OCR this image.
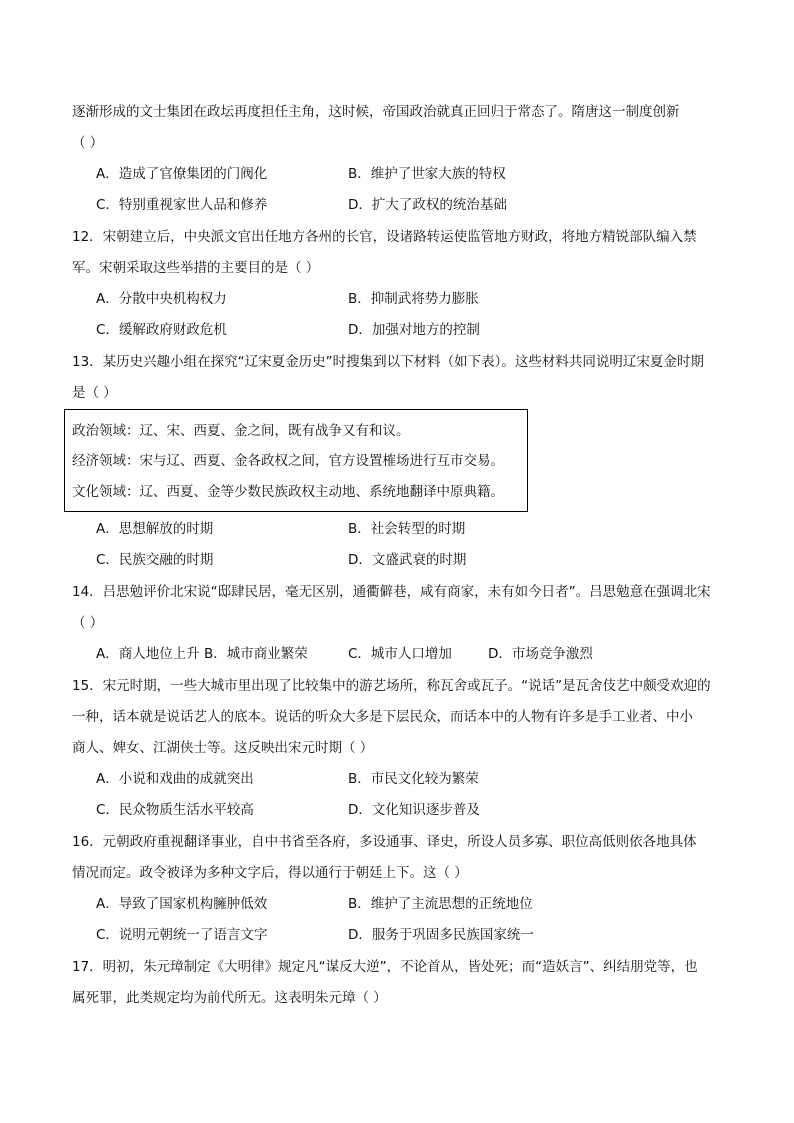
逐渐形成的文士集团在政坛再度担任主角，这时候，帝国政治就真正回归于常态了。隋唐这一制度创新
（ ）
A．造成了官僚集团的门阀化	B．维护了世家大族的特权
C．特别重视家世人品和修养	D．扩大了政权的统治基础
12．宋朝建立后，中央派文官出任地方各州的长官，设诸路转运使监管地方财政，将地方精锐部队编入禁
军。宋朝采取这些举措的主要目的是（ ）
A．分散中央机构权力	B．抑制武将势力膨胀
C．缓解政府财政危机	D．加强对地方的控制
13．某历史兴趣小组在探究“辽宋夏金历史”时搜集到以下材料（如下表）。这些材料共同说明辽宋夏金时期
是（ ）
政治领域：辽、宋、西夏、金之间，既有战争又有和议。
经济领域：宋与辽、西夏、金各政权之间，官方设置榷场进行互市交易。
文化领域：辽、西夏、金等少数民族政权主动地、系统地翻译中原典籍。
A．思想解放的时期	B．社会转型的时期
C．民族交融的时期	D．文盛武衰的时期
14．吕思勉评价北宋说“邸肆民居，毫无区别，通衢僻巷，咸有商家，未有如今日者”。吕思勉意在强调北宋
（ ）
A．商人地位上升 B．城市商业繁荣	C．城市人口增加	D．市场竞争激烈
15．宋元时期，一些大城市里出现了比较集中的游艺场所，称瓦舍或瓦子。“说话”是瓦舍伎艺中颇受欢迎的
一种，话本就是说话艺人的底本。说话的听众大多是下层民众，而话本中的人物有许多是手工业者、中小
商人、婢女、江湖侠士等。这反映出宋元时期（ ）
A．小说和戏曲的成就突出	B．市民文化较为繁荣
C．民众物质生活水平较高	D．文化知识逐步普及
16．元朝政府重视翻译事业，自中书省至各府，多设通事、译史，所设人员多寡、职位高低则依各地具体
情况而定。政令被译为多种文字后，得以通行于朝廷上下。这（ ）
A．导致了国家机构臃肿低效	B．维护了主流思想的正统地位
C．说明元朝统一了语言文字	D．服务于巩固多民族国家统一
17．明初，朱元璋制定《大明律》规定凡“谋反大逆”，不论首从，皆处死；而“造妖言”、纠结朋党等，也
属死罪，此类规定均为前代所无。这表明朱元璋（ ）
